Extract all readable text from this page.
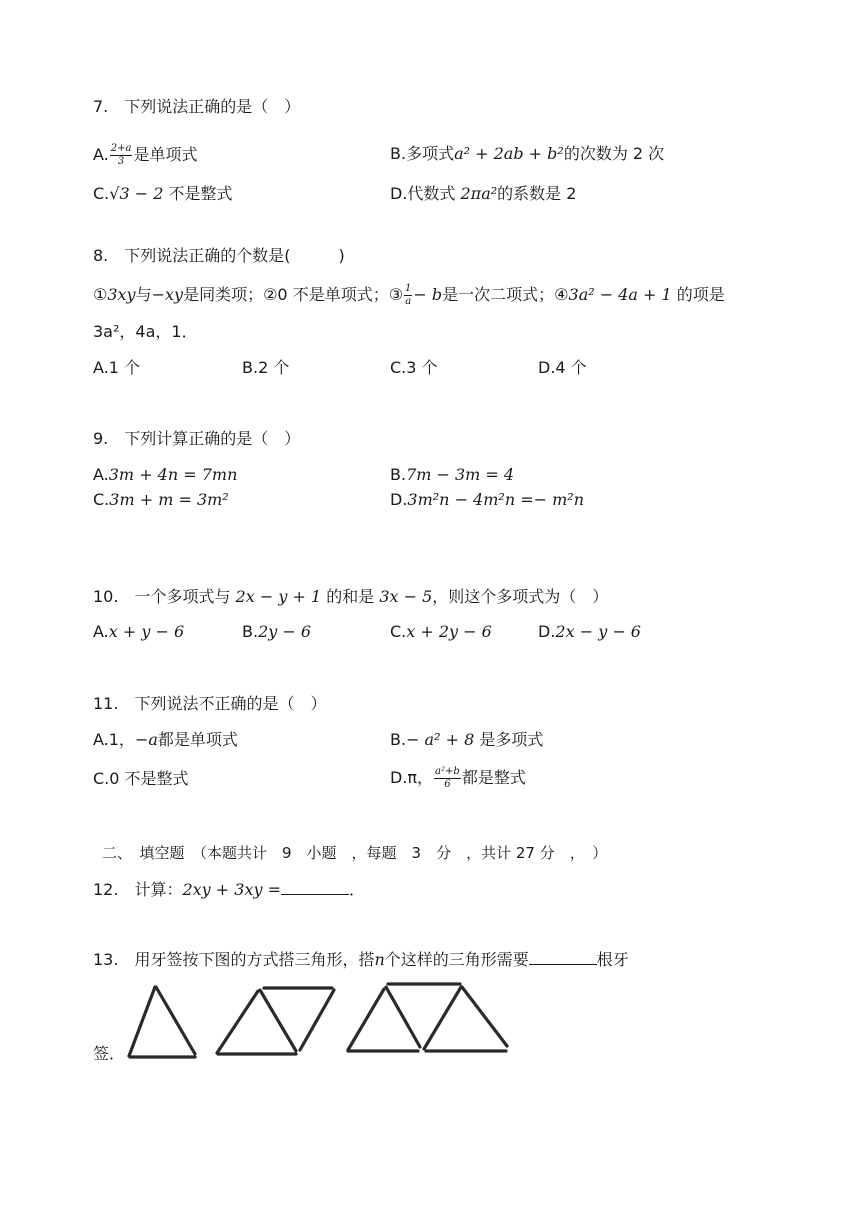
7.　下列说法正确的是（　）
A. $\frac{2+a}{3}$ 是单项式	B.多项式a² + 2ab + b²的次数为 2 次
C.√3 − 2 不是整式	D.代数式 2πa²的系数是 2
8.　下列说法正确的个数是(　　　)
①3xy与−xy是同类项；②0 不是单项式；③ $\frac{1}{a} - b$是一次二项式；④3a² − 4a + 1 的项是
3a²，4a，1．
A.1 个	B.2 个	C.3 个	D.4 个
9.　下列计算正确的是（　）
A.3m + 4n = 7mn	B.7m − 3m = 4
C.3m + m = 3m²	D.3m²n − 4m²n =− m²n
10.　一个多项式与 2x − y + 1 的和是 3x − 5，则这个多项式为（　）
A.x + y − 6	B.2y − 6	C.x + 2y − 6	D.2x − y − 6
11.　下列说法不正确的是（　）
A.1，−a都是单项式	B.− a² + 8 是多项式
C.0 不是整式	D.π， $\frac{\text{a²+b}}{6}$ 都是整式
二、　填空题　（本题共计　9　小题　，每题　3　分　，共计 27 分　，　）
12.　计算：2xy + 3xy =	．
13.　用牙签按下图的方式搭三角形，搭n个这样的三角形需要	根牙
签．
